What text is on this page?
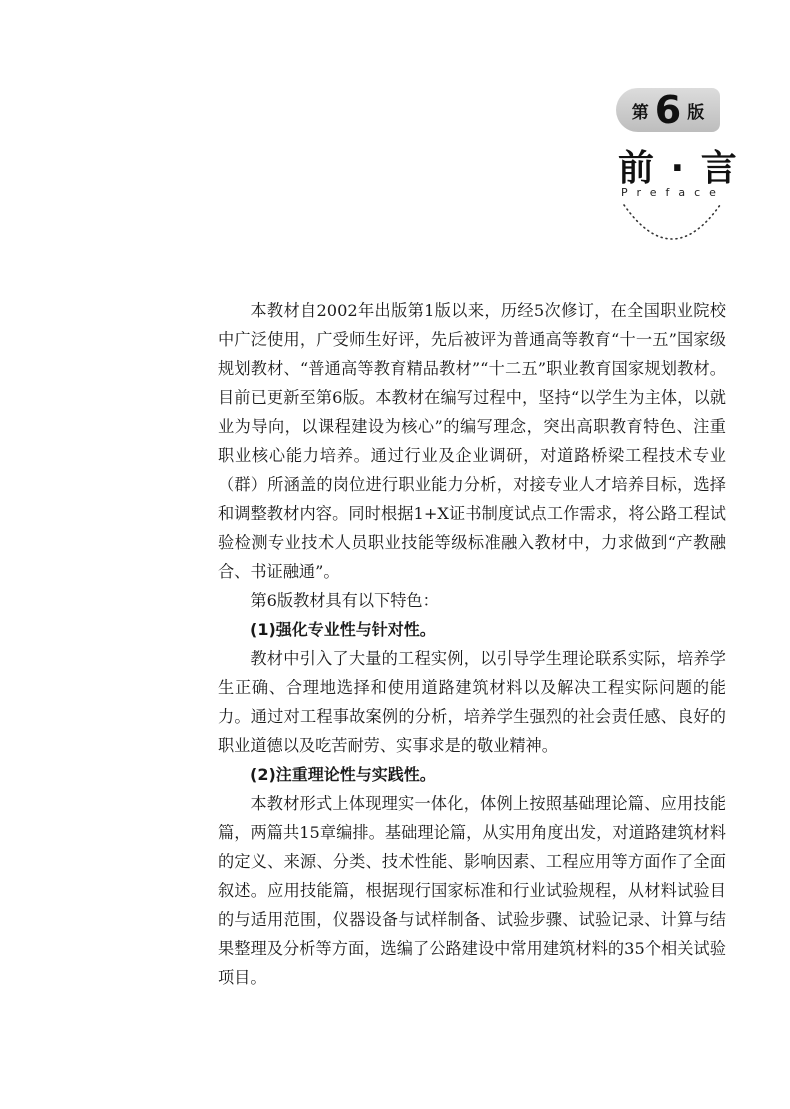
第 6 版
前 · 言
Preface

本教材自2002年出版第1版以来，历经5次修订，在全国职业院校中广泛使用，广受师生好评，先后被评为普通高等教育“十一五”国家级规划教材、“普通高等教育精品教材”“十二五”职业教育国家规划教材。目前已更新至第6版。本教材在编写过程中，坚持“以学生为主体，以就业为导向，以课程建设为核心”的编写理念，突出高职教育特色、注重职业核心能力培养。通过行业及企业调研，对道路桥梁工程技术专业（群）所涵盖的岗位进行职业能力分析，对接专业人才培养目标，选择和调整教材内容。同时根据1+X证书制度试点工作需求，将公路工程试验检测专业技术人员职业技能等级标准融入教材中，力求做到“产教融合、书证融通”。

第6版教材具有以下特色：

(1)强化专业性与针对性。

教材中引入了大量的工程实例，以引导学生理论联系实际，培养学生正确、合理地选择和使用道路建筑材料以及解决工程实际问题的能力。通过对工程事故案例的分析，培养学生强烈的社会责任感、良好的职业道德以及吃苦耐劳、实事求是的敬业精神。

(2)注重理论性与实践性。

本教材形式上体现理实一体化，体例上按照基础理论篇、应用技能篇，两篇共15章编排。基础理论篇，从实用角度出发，对道路建筑材料的定义、来源、分类、技术性能、影响因素、工程应用等方面作了全面叙述。应用技能篇，根据现行国家标准和行业试验规程，从材料试验目的与适用范围，仪器设备与试样制备、试验步骤、试验记录、计算与结果整理及分析等方面，选编了公路建设中常用建筑材料的35个相关试验项目。
